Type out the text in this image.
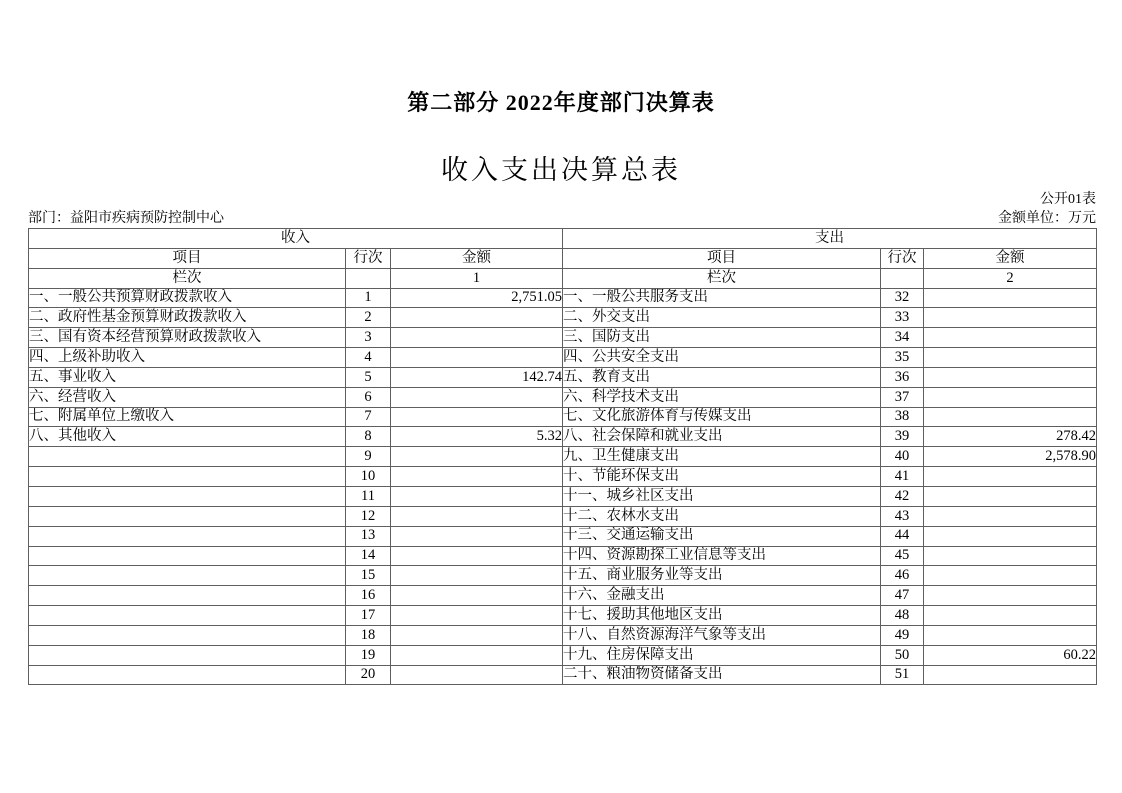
第二部分 2022年度部门决算表
收入支出决算总表
公开01表
部门：益阳市疾病预防控制中心	金额单位：万元
收入			支出		
项目	行次	金额	项目	行次	金额
栏次		1	栏次		2
一、一般公共预算财政拨款收入	1	2,751.05	一、一般公共服务支出	32	
二、政府性基金预算财政拨款收入	2		二、外交支出	33	
三、国有资本经营预算财政拨款收入	3		三、国防支出	34	
四、上级补助收入	4		四、公共安全支出	35	
五、事业收入	5	142.74	五、教育支出	36	
六、经营收入	6		六、科学技术支出	37	
七、附属单位上缴收入	7		七、文化旅游体育与传媒支出	38	
八、其他收入	8	5.32	八、社会保障和就业支出	39	278.42
	9		九、卫生健康支出	40	2,578.90
	10		十、节能环保支出	41	
	11		十一、城乡社区支出	42	
	12		十二、农林水支出	43	
	13		十三、交通运输支出	44	
	14		十四、资源勘探工业信息等支出	45	
	15		十五、商业服务业等支出	46	
	16		十六、金融支出	47	
	17		十七、援助其他地区支出	48	
	18		十八、自然资源海洋气象等支出	49	
	19		十九、住房保障支出	50	60.22
	20		二十、粮油物资储备支出	51	
